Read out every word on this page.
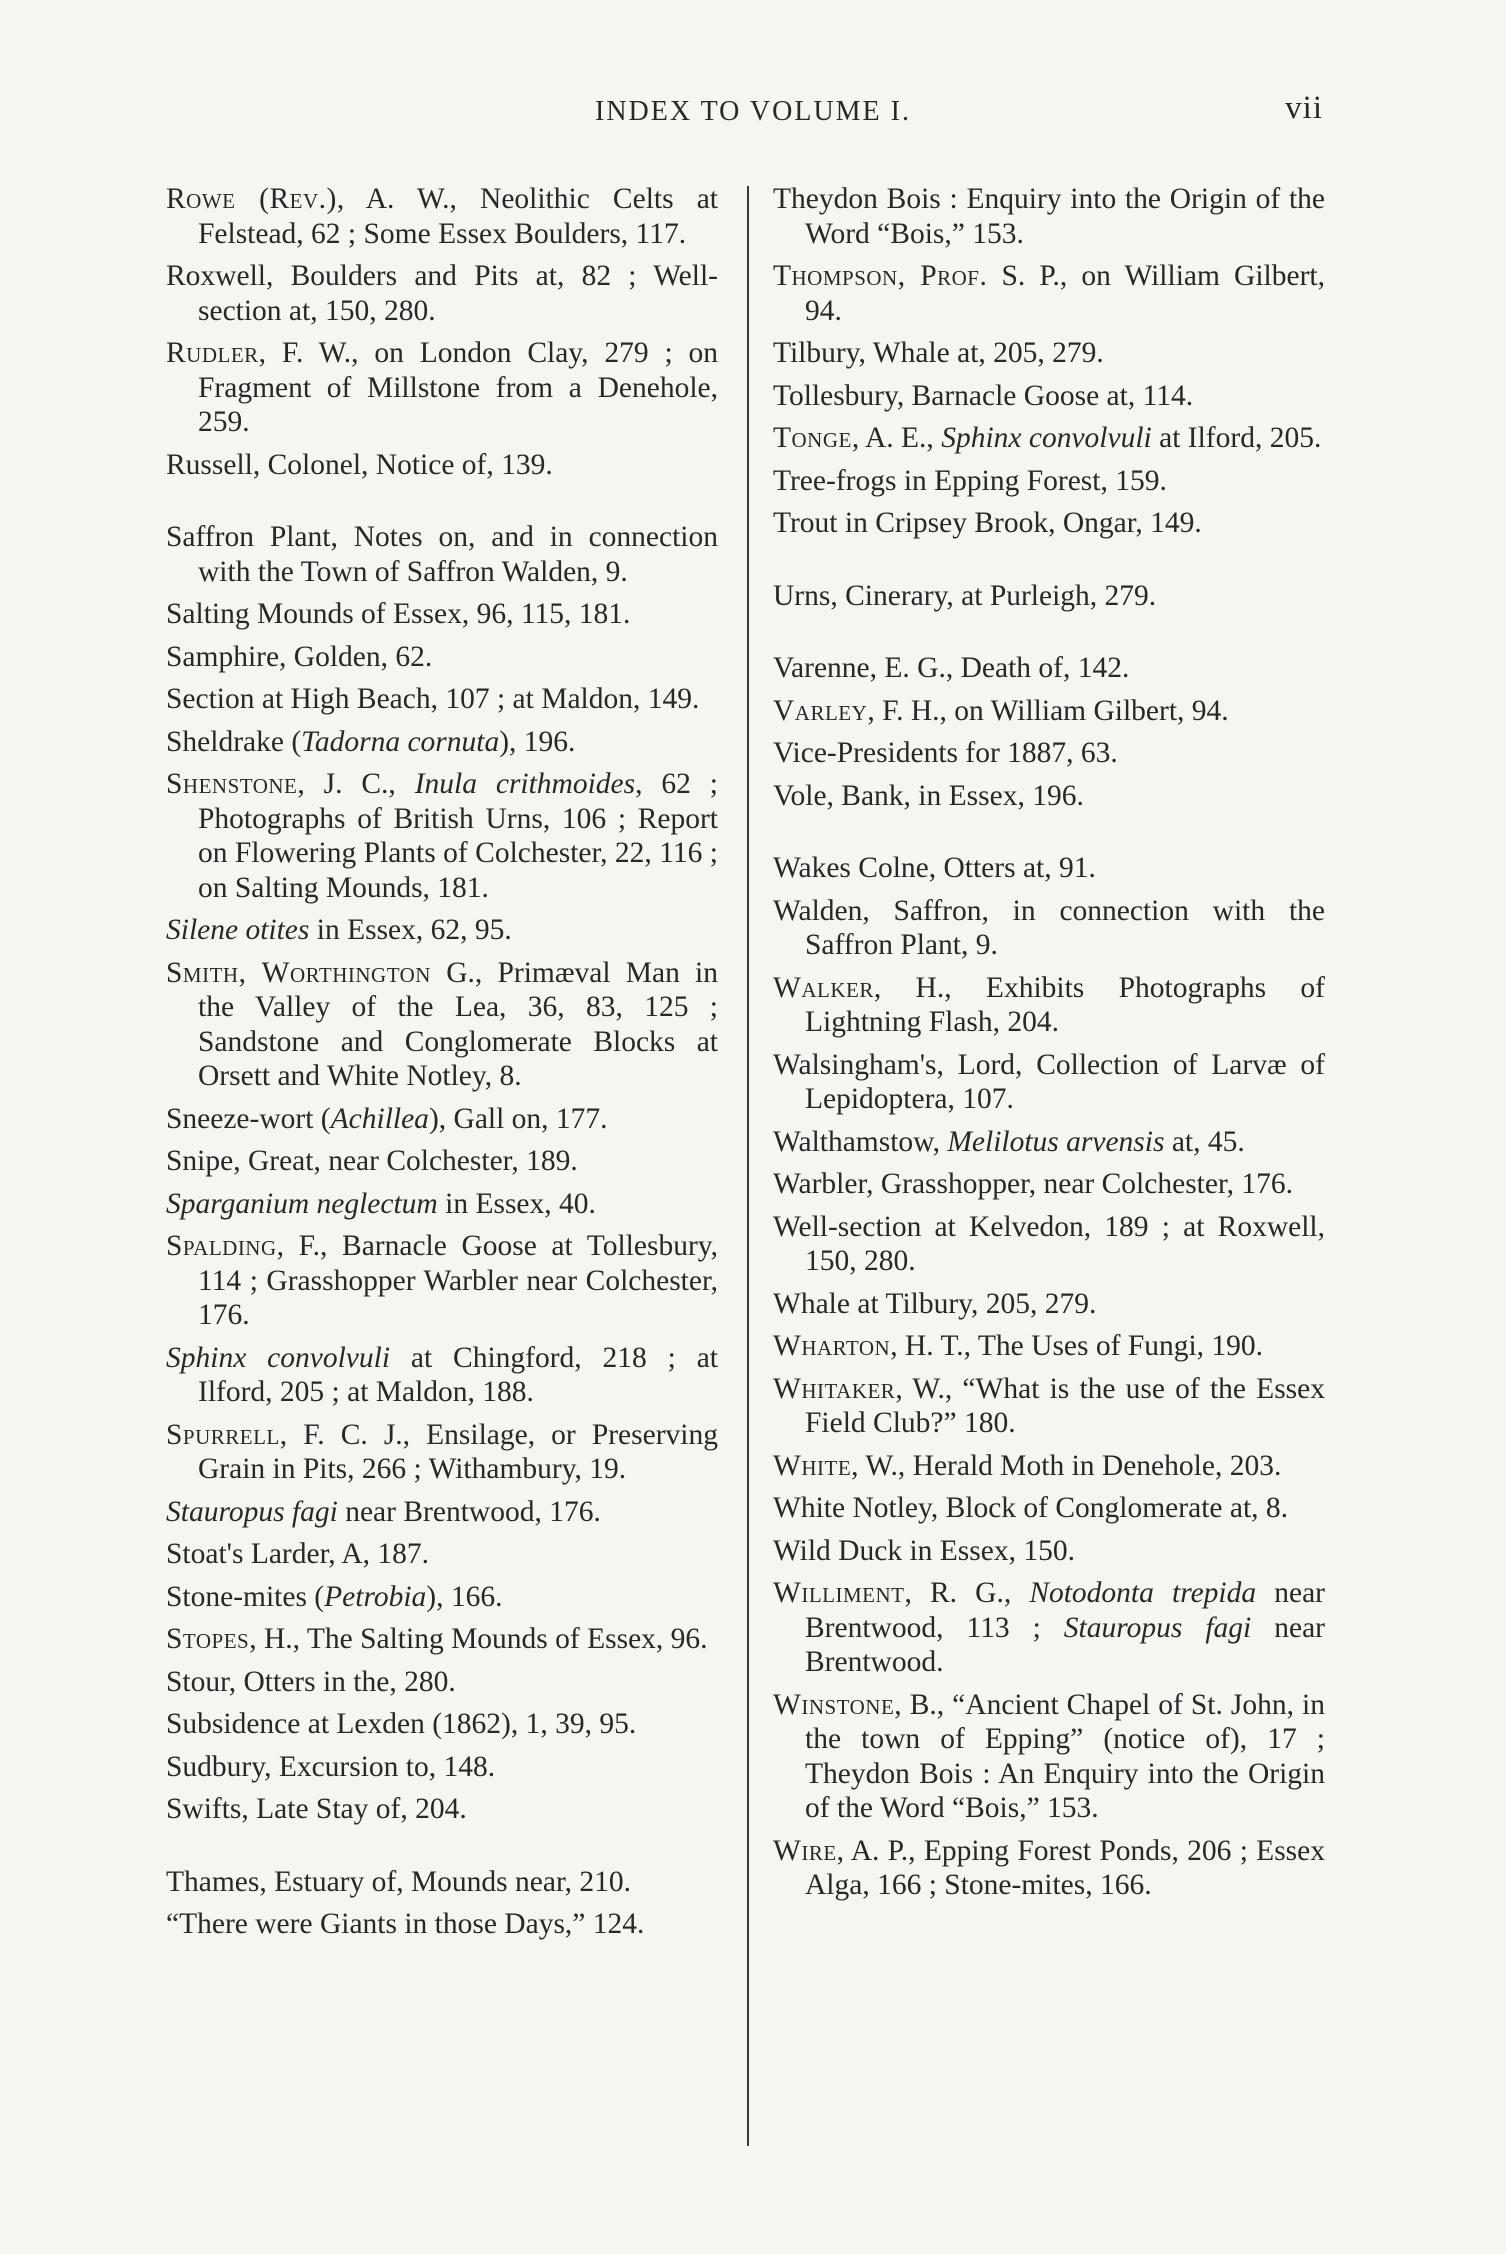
INDEX TO VOLUME I.	vii

Rowe (Rev.), A. W., Neolithic Celts at Felstead, 62 ; Some Essex Boulders, 117.

Roxwell, Boulders and Pits at, 82 ; Well-section at, 150, 280.

Rudler, F. W., on London Clay, 279 ; on Fragment of Millstone from a Denehole, 259.

Russell, Colonel, Notice of, 139.

Saffron Plant, Notes on, and in connection with the Town of Saffron Walden, 9.

Salting Mounds of Essex, 96, 115, 181.

Samphire, Golden, 62.

Section at High Beach, 107 ; at Maldon, 149.

Sheldrake (Tadorna cornuta), 196.

Shenstone, J. C., Inula crithmoides, 62 ; Photographs of British Urns, 106 ; Report on Flowering Plants of Colchester, 22, 116 ; on Salting Mounds, 181.

Silene otites in Essex, 62, 95.

Smith, Worthington G., Primæval Man in the Valley of the Lea, 36, 83, 125 ; Sandstone and Conglomerate Blocks at Orsett and White Notley, 8.

Sneeze-wort (Achillea), Gall on, 177.

Snipe, Great, near Colchester, 189.

Sparganium neglectum in Essex, 40.

Spalding, F., Barnacle Goose at Tollesbury, 114 ; Grasshopper Warbler near Colchester, 176.

Sphinx convolvuli at Chingford, 218 ; at Ilford, 205 ; at Maldon, 188.

Spurrell, F. C. J., Ensilage, or Preserving Grain in Pits, 266 ; Withambury, 19.

Stauropus fagi near Brentwood, 176.

Stoat's Larder, A, 187.

Stone-mites (Petrobia), 166.

Stopes, H., The Salting Mounds of Essex, 96.

Stour, Otters in the, 280.

Subsidence at Lexden (1862), 1, 39, 95.

Sudbury, Excursion to, 148.

Swifts, Late Stay of, 204.

Thames, Estuary of, Mounds near, 210.

“There were Giants in those Days,” 124.

Theydon Bois : Enquiry into the Origin of the Word “Bois,” 153.

Thompson, Prof. S. P., on William Gilbert, 94.

Tilbury, Whale at, 205, 279.

Tollesbury, Barnacle Goose at, 114.

Tonge, A. E., Sphinx convolvuli at Ilford, 205.

Tree-frogs in Epping Forest, 159.

Trout in Cripsey Brook, Ongar, 149.

Urns, Cinerary, at Purleigh, 279.

Varenne, E. G., Death of, 142.

Varley, F. H., on William Gilbert, 94.

Vice-Presidents for 1887, 63.

Vole, Bank, in Essex, 196.

Wakes Colne, Otters at, 91.

Walden, Saffron, in connection with the Saffron Plant, 9.

Walker, H., Exhibits Photographs of Lightning Flash, 204.

Walsingham's, Lord, Collection of Larvæ of Lepidoptera, 107.

Walthamstow, Melilotus arvensis at, 45.

Warbler, Grasshopper, near Colchester, 176.

Well-section at Kelvedon, 189 ; at Roxwell, 150, 280.

Whale at Tilbury, 205, 279.

Wharton, H. T., The Uses of Fungi, 190.

Whitaker, W., “What is the use of the Essex Field Club?” 180.

White, W., Herald Moth in Denehole, 203.

White Notley, Block of Conglomerate at, 8.

Wild Duck in Essex, 150.

Williment, R. G., Notodonta trepida near Brentwood, 113 ; Stauropus fagi near Brentwood.

Winstone, B., “Ancient Chapel of St. John, in the town of Epping” (notice of), 17 ; Theydon Bois : An Enquiry into the Origin of the Word “Bois,” 153.

Wire, A. P., Epping Forest Ponds, 206 ; Essex Alga, 166 ; Stone-mites, 166.
